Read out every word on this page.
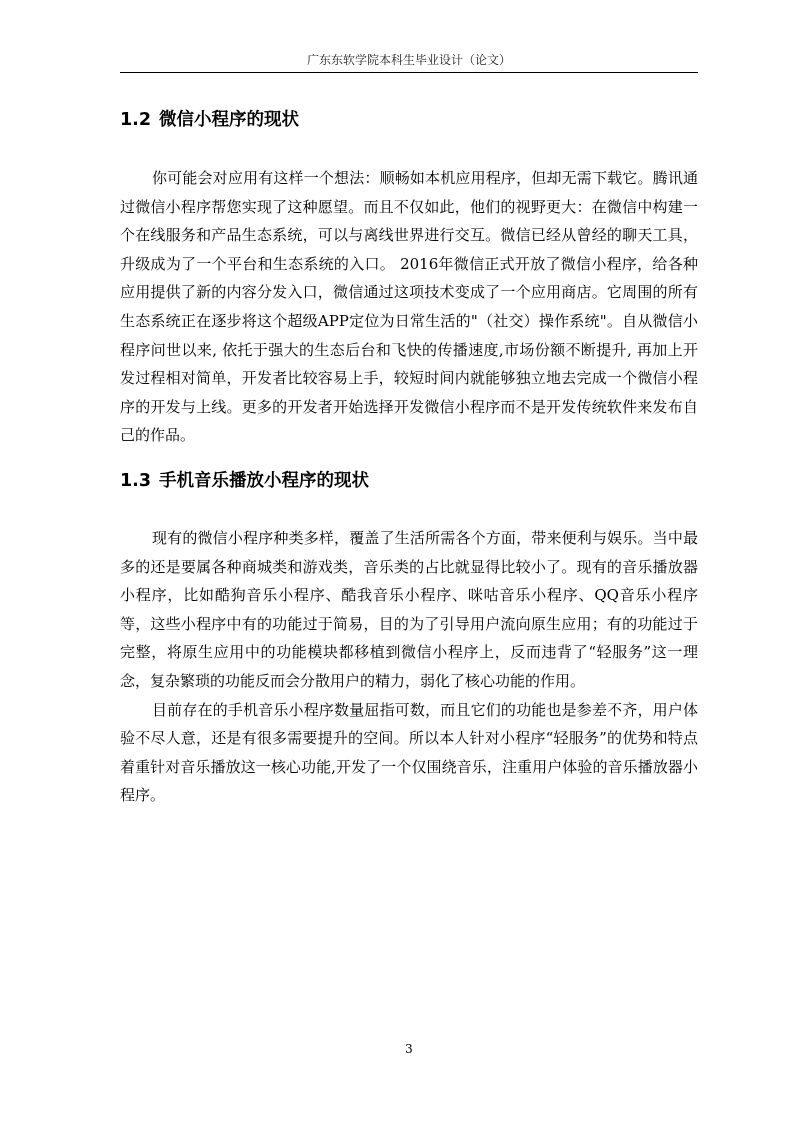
广东东软学院本科生毕业设计（论文）
1.2 微信小程序的现状

你可能会对应用有这样一个想法：顺畅如本机应用程序，但却无需下载它。腾讯通过微信小程序帮您实现了这种愿望。而且不仅如此，他们的视野更大：在微信中构建一个在线服务和产品生态系统，可以与离线世界进行交互。微信已经从曾经的聊天工具，升级成为了一个平台和生态系统的入口。 2016年微信正式开放了微信小程序，给各种应用提供了新的内容分发入口，微信通过这项技术变成了一个应用商店。它周围的所有生态系统正在逐步将这个超级APP定位为日常生活的"（社交）操作系统"。自从微信小程序问世以来, 依托于强大的生态后台和飞快的传播速度,市场份额不断提升, 再加上开发过程相对简单，开发者比较容易上手，较短时间内就能够独立地去完成一个微信小程序的开发与上线。更多的开发者开始选择开发微信小程序而不是开发传统软件来发布自己的作品。

1.3 手机音乐播放小程序的现状

现有的微信小程序种类多样，覆盖了生活所需各个方面，带来便利与娱乐。当中最多的还是要属各种商城类和游戏类，音乐类的占比就显得比较小了。现有的音乐播放器小程序，比如酷狗音乐小程序、酷我音乐小程序、咪咕音乐小程序、QQ音乐小程序等，这些小程序中有的功能过于简易，目的为了引导用户流向原生应用；有的功能过于完整，将原生应用中的功能模块都移植到微信小程序上，反而违背了“轻服务”这一理念，复杂繁琐的功能反而会分散用户的精力，弱化了核心功能的作用。

目前存在的手机音乐小程序数量屈指可数，而且它们的功能也是参差不齐，用户体验不尽人意，还是有很多需要提升的空间。所以本人针对小程序“轻服务”的优势和特点着重针对音乐播放这一核心功能,开发了一个仅围绕音乐，注重用户体验的音乐播放器小程序。

3
